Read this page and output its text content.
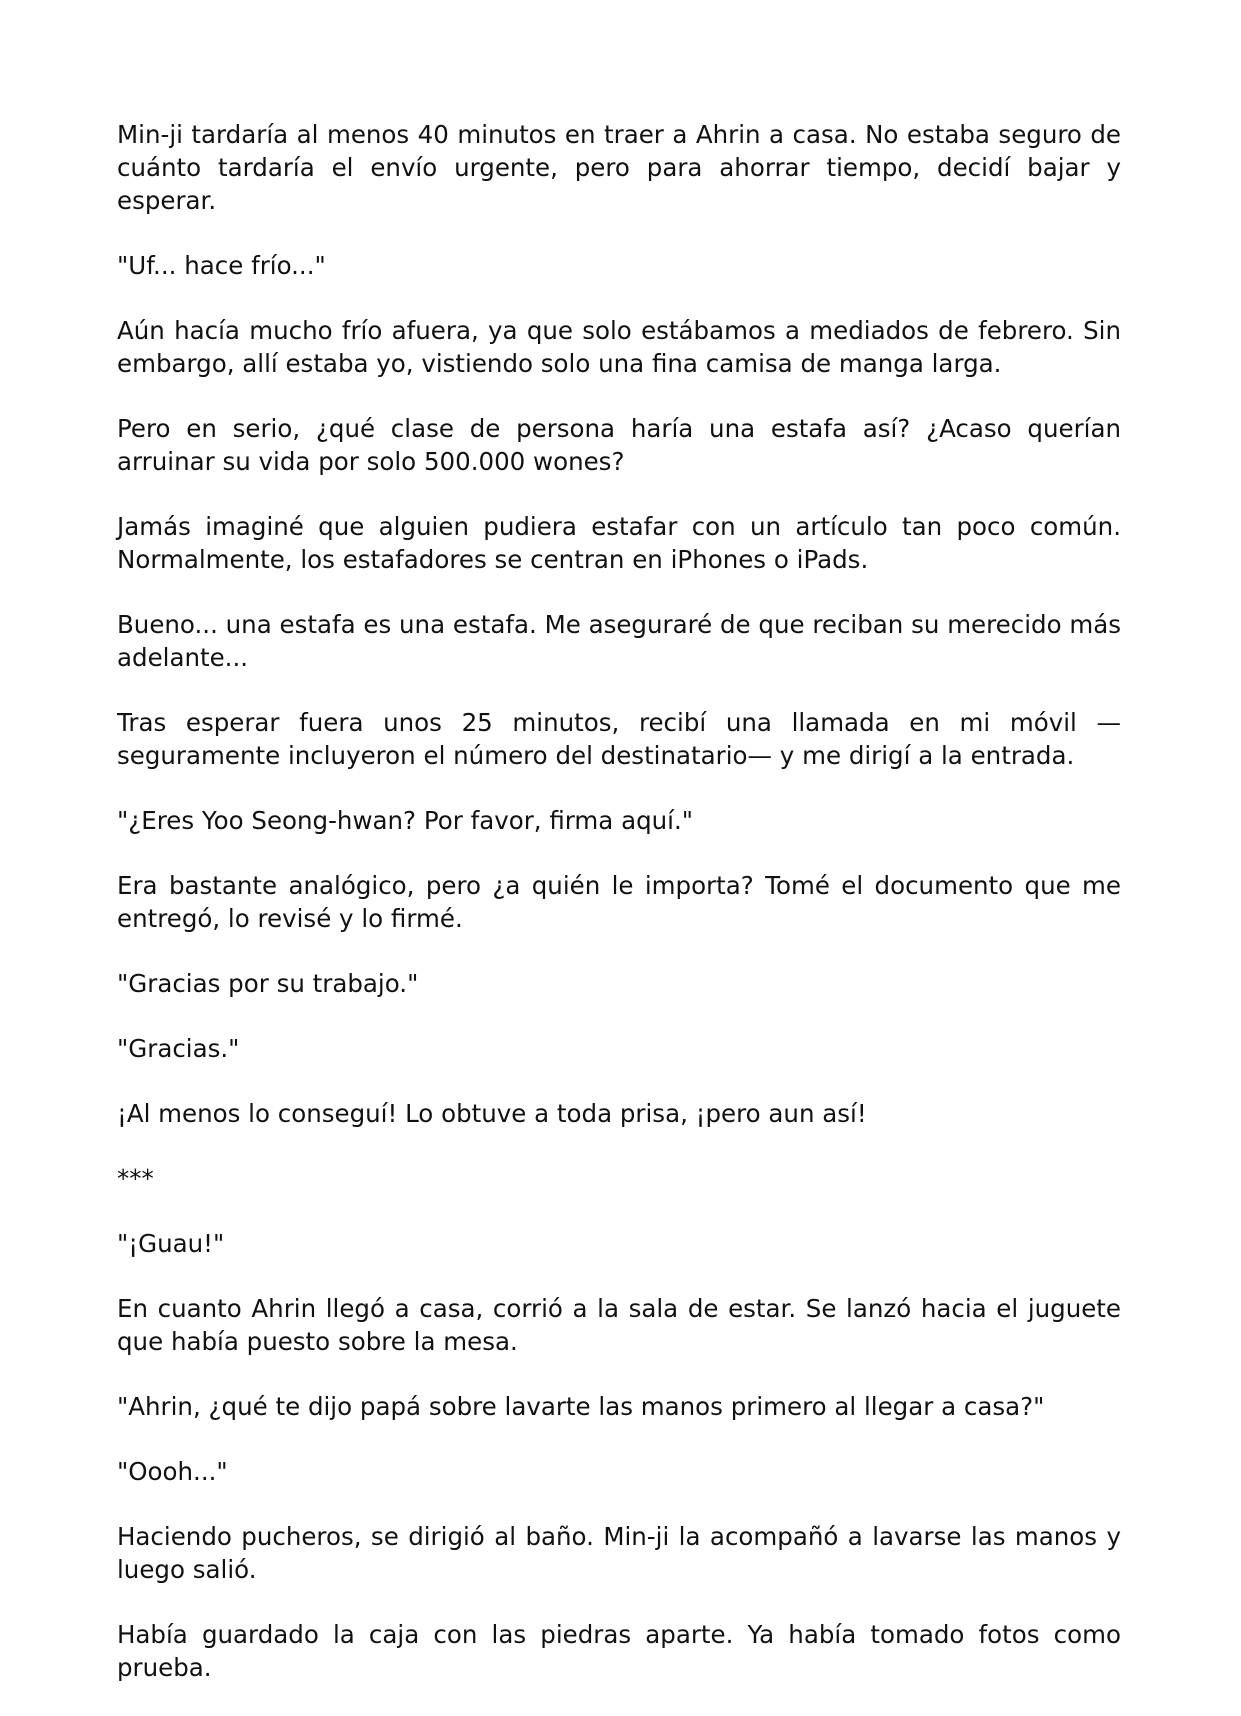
Min-ji tardaría al menos 40 minutos en traer a Ahrin a casa. No estaba seguro de cuánto tardaría el envío urgente, pero para ahorrar tiempo, decidí bajar y esperar.

"Uf... hace frío..."

Aún hacía mucho frío afuera, ya que solo estábamos a mediados de febrero. Sin embargo, allí estaba yo, vistiendo solo una fina camisa de manga larga.

Pero en serio, ¿qué clase de persona haría una estafa así? ¿Acaso querían arruinar su vida por solo 500.000 wones?

Jamás imaginé que alguien pudiera estafar con un artículo tan poco común. Normalmente, los estafadores se centran en iPhones o iPads.

Bueno... una estafa es una estafa. Me aseguraré de que reciban su merecido más adelante...

Tras esperar fuera unos 25 minutos, recibí una llamada en mi móvil —seguramente incluyeron el número del destinatario— y me dirigí a la entrada.

"¿Eres Yoo Seong-hwan? Por favor, firma aquí."

Era bastante analógico, pero ¿a quién le importa? Tomé el documento que me entregó, lo revisé y lo firmé.

"Gracias por su trabajo."

"Gracias."

¡Al menos lo conseguí! Lo obtuve a toda prisa, ¡pero aun así!

***

"¡Guau!"

En cuanto Ahrin llegó a casa, corrió a la sala de estar. Se lanzó hacia el juguete que había puesto sobre la mesa.

"Ahrin, ¿qué te dijo papá sobre lavarte las manos primero al llegar a casa?"

"Oooh..."

Haciendo pucheros, se dirigió al baño. Min-ji la acompañó a lavarse las manos y luego salió.

Había guardado la caja con las piedras aparte. Ya había tomado fotos como prueba.
